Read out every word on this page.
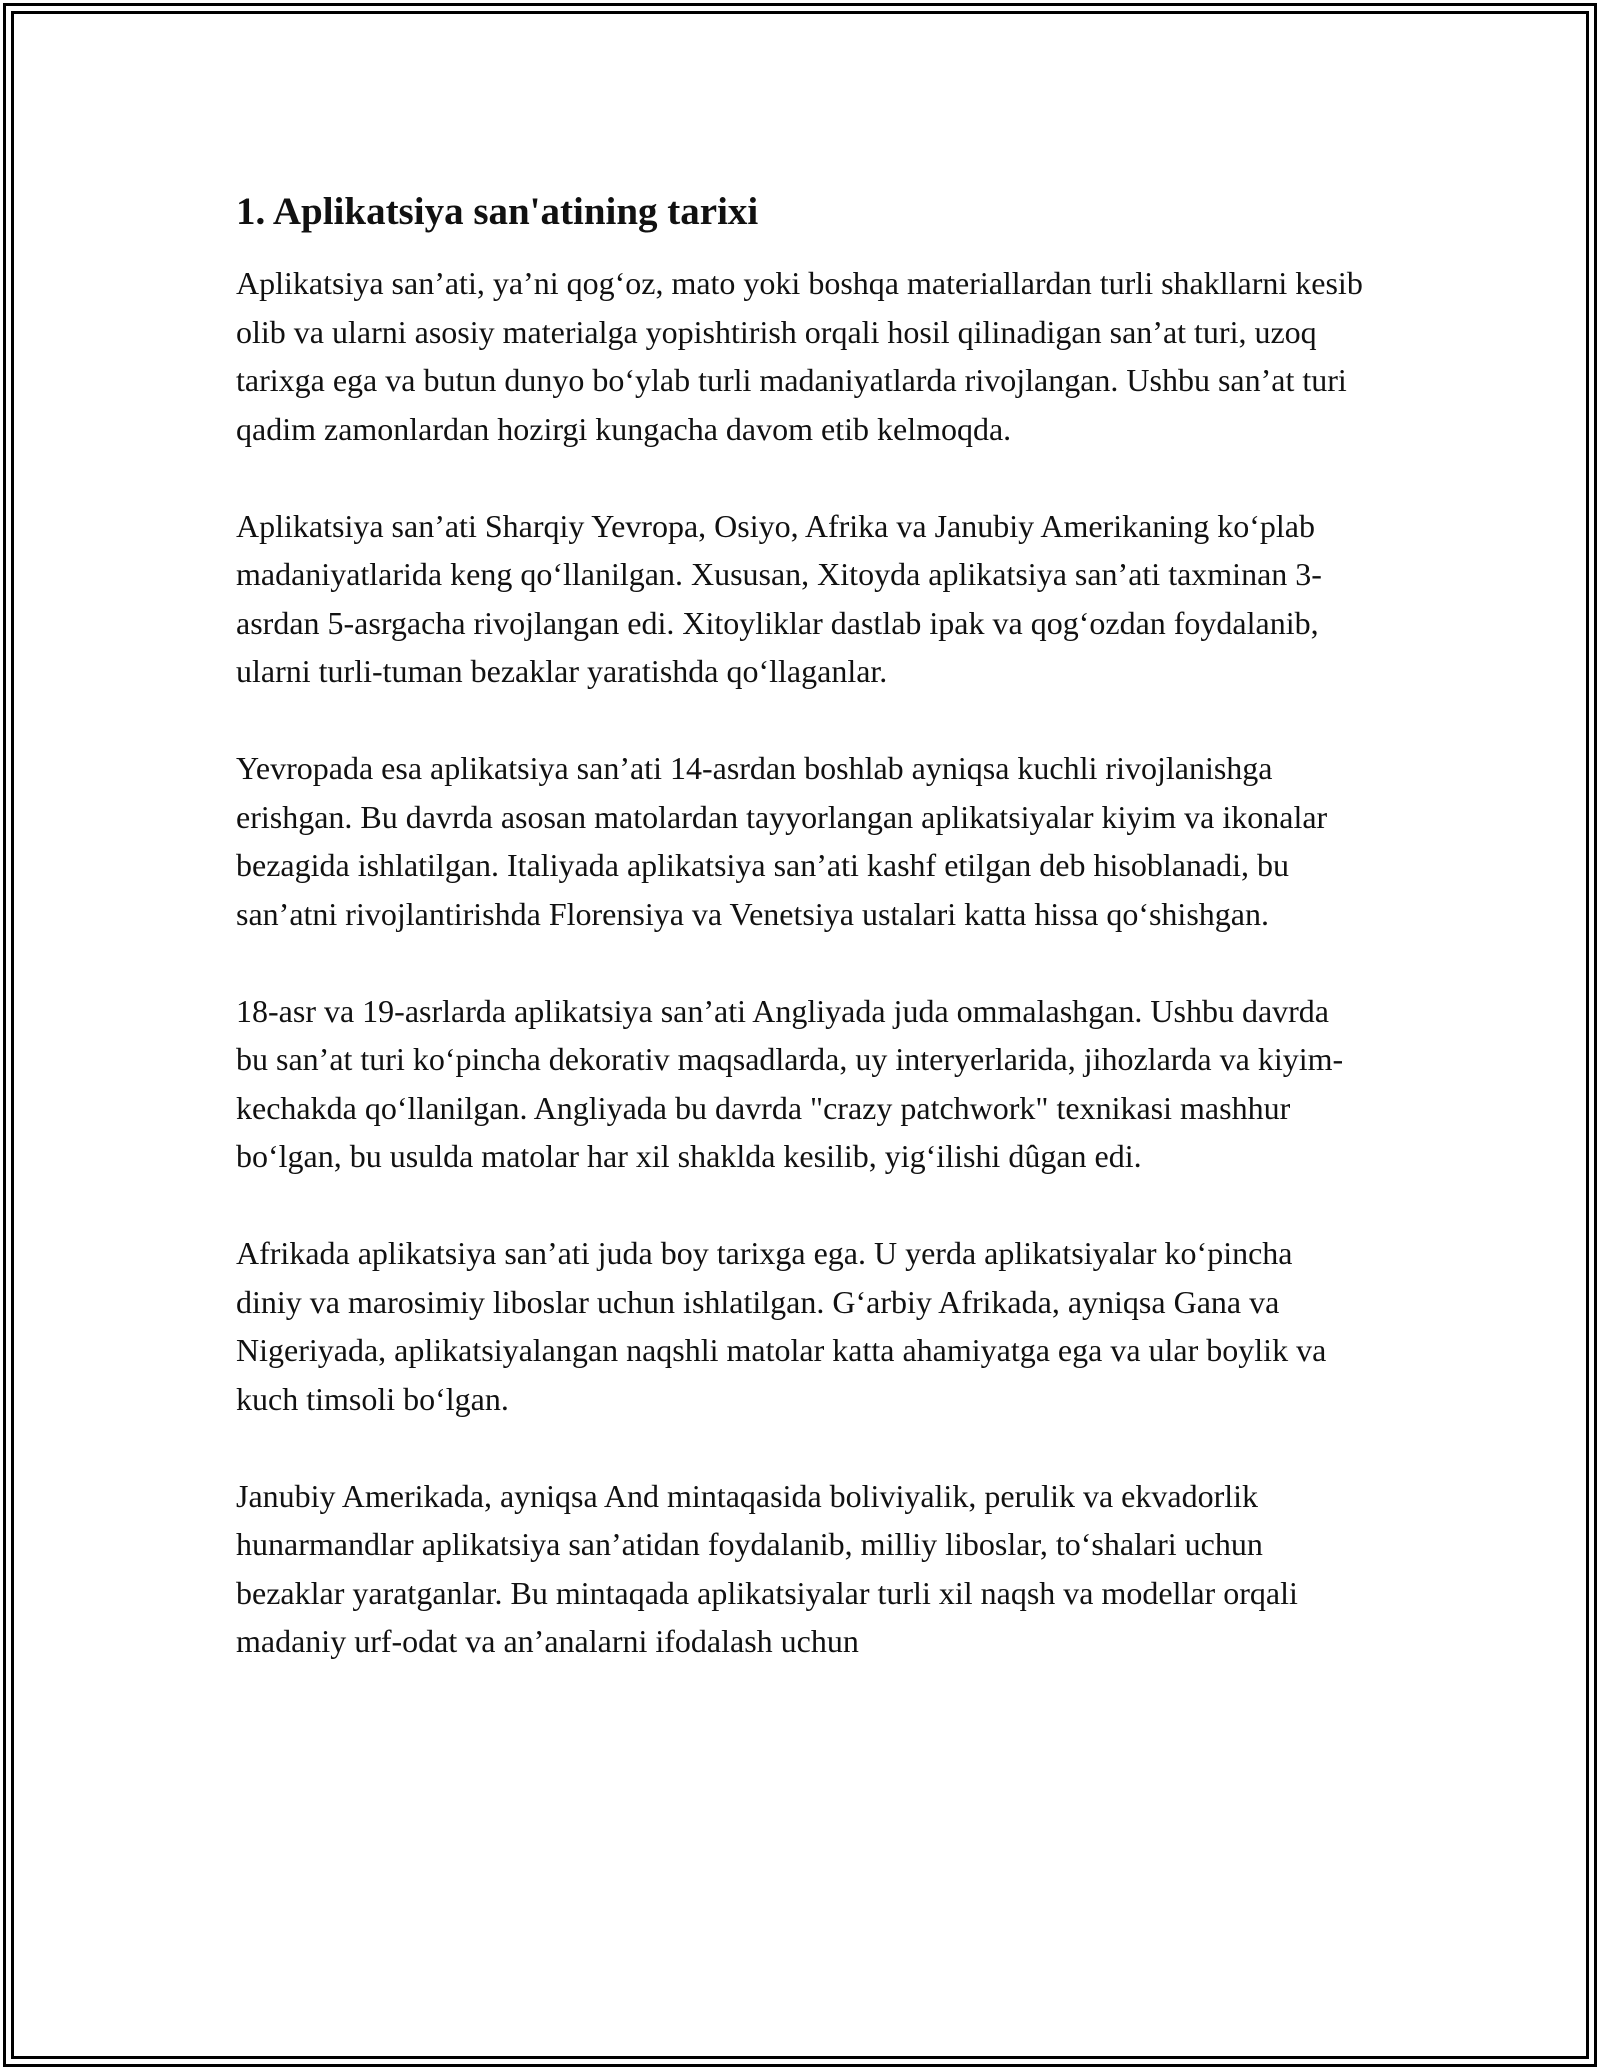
1. Aplikatsiya san'atining tarixi

Aplikatsiya san’ati, ya’ni qog‘oz, mato yoki boshqa materiallardan turli shakllarni kesib olib va ularni asosiy materialga yopishtirish orqali hosil qilinadigan san’at turi, uzoq tarixga ega va butun dunyo bo‘ylab turli madaniyatlarda rivojlangan. Ushbu san’at turi qadim zamonlardan hozirgi kungacha davom etib kelmoqda.

Aplikatsiya san’ati Sharqiy Yevropa, Osiyo, Afrika va Janubiy Amerikaning ko‘plab madaniyatlarida keng qo‘llanilgan. Xususan, Xitoyda aplikatsiya san’ati taxminan 3-asrdan 5-asrgacha rivojlangan edi. Xitoyliklar dastlab ipak va qog‘ozdan foydalanib, ularni turli-tuman bezaklar yaratishda qo‘llaganlar.

Yevropada esa aplikatsiya san’ati 14-asrdan boshlab ayniqsa kuchli rivojlanishga erishgan. Bu davrda asosan matolardan tayyorlangan aplikatsiyalar kiyim va ikonalar bezagida ishlatilgan. Italiyada aplikatsiya san’ati kashf etilgan deb hisoblanadi, bu san’atni rivojlantirishda Florensiya va Venetsiya ustalari katta hissa qo‘shishgan.

18-asr va 19-asrlarda aplikatsiya san’ati Angliyada juda ommalashgan. Ushbu davrda bu san’at turi ko‘pincha dekorativ maqsadlarda, uy interyerlarida, jihozlarda va kiyim-kechakda qo‘llanilgan. Angliyada bu davrda "crazy patchwork" texnikasi mashhur bo‘lgan, bu usulda matolar har xil shaklda kesilib, yig‘ilishi dûgan edi.

Afrikada aplikatsiya san’ati juda boy tarixga ega. U yerda aplikatsiyalar ko‘pincha diniy va marosimiy liboslar uchun ishlatilgan. G‘arbiy Afrikada, ayniqsa Gana va Nigeriyada, aplikatsiyalangan naqshli matolar katta ahamiyatga ega va ular boylik va kuch timsoli bo‘lgan.

Janubiy Amerikada, ayniqsa And mintaqasida boliviyalik, perulik va ekvadorlik hunarmandlar aplikatsiya san’atidan foydalanib, milliy liboslar, to‘shalari uchun bezaklar yaratganlar. Bu mintaqada aplikatsiyalar turli xil naqsh va modellar orqali madaniy urf-odat va an’analarni ifodalash uchun
